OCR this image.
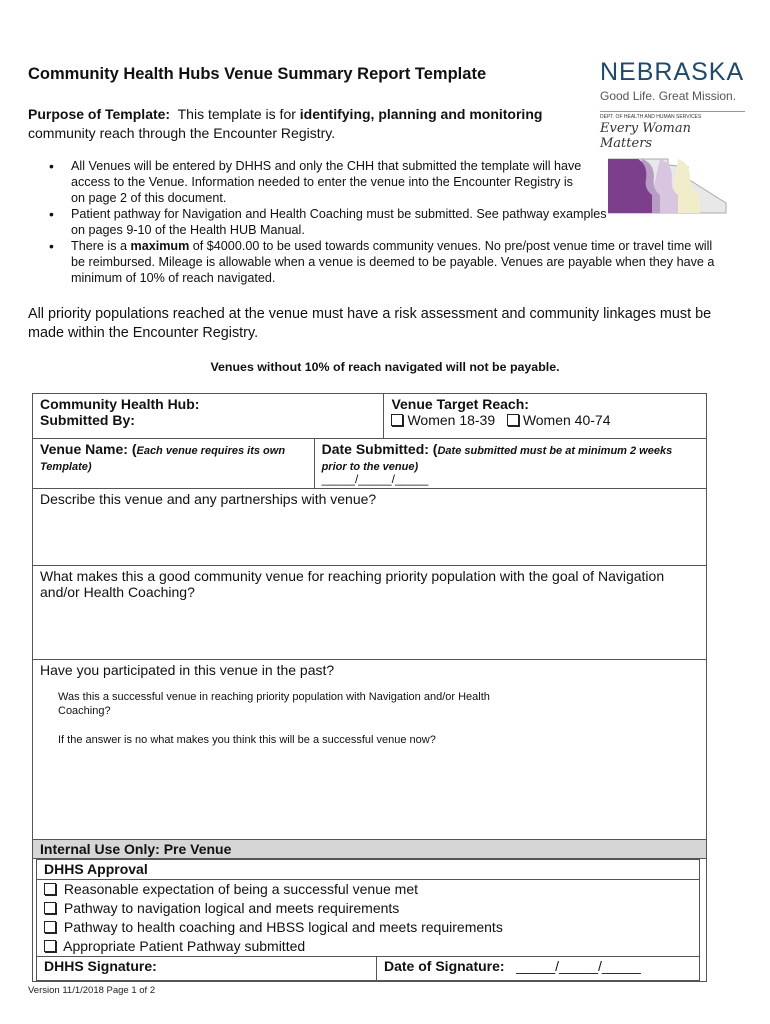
Community Health Hubs Venue Summary Report Template	NEBRASKA
Good Life. Great Mission.
DEPT. OF HEALTH AND HUMAN SERVICES
Every Woman Matters
Purpose of Template: This template is for identifying, planning and monitoring community reach through the Encounter Registry.
• All Venues will be entered by DHHS and only the CHH that submitted the template will have access to the Venue. Information needed to enter the venue into the Encounter Registry is on page 2 of this document.
• Patient pathway for Navigation and Health Coaching must be submitted. See pathway examples on pages 9-10 of the Health HUB Manual.
• There is a maximum of $4000.00 to be used towards community venues. No pre/post venue time or travel time will be reimbursed. Mileage is allowable when a venue is deemed to be payable. Venues are payable when they have a minimum of 10% of reach navigated.
All priority populations reached at the venue must have a risk assessment and community linkages must be made within the Encounter Registry.
Venues without 10% of reach navigated will not be payable.
Community Health Hub:
Submitted By:

Venue Target Reach:
Women 18-39 Women 40-74

Venue Name: (Each venue requires its own Template)	Date Submitted: (Date submitted must be at minimum 2 weeks prior to the venue)
_____/_____/_____

Describe this venue and any partnerships with venue?
What makes this a good community venue for reaching priority population with the goal of Navigation and/or Health Coaching?

Have you participated in this venue in the past?
Was this a successful venue in reaching priority population with Navigation and/or Health Coaching?
If the answer is no what makes you think this will be a successful venue now?

Internal Use Only: Pre Venue

DHHS Approval
Reasonable expectation of being a successful venue met
Pathway to navigation logical and meets requirements
Pathway to health coaching and HBSS logical and meets requirements
Appropriate Patient Pathway submitted
DHHS Signature:	Date of Signature: _____/_____/_____
Version 11/1/2018 Page 1 of 2
